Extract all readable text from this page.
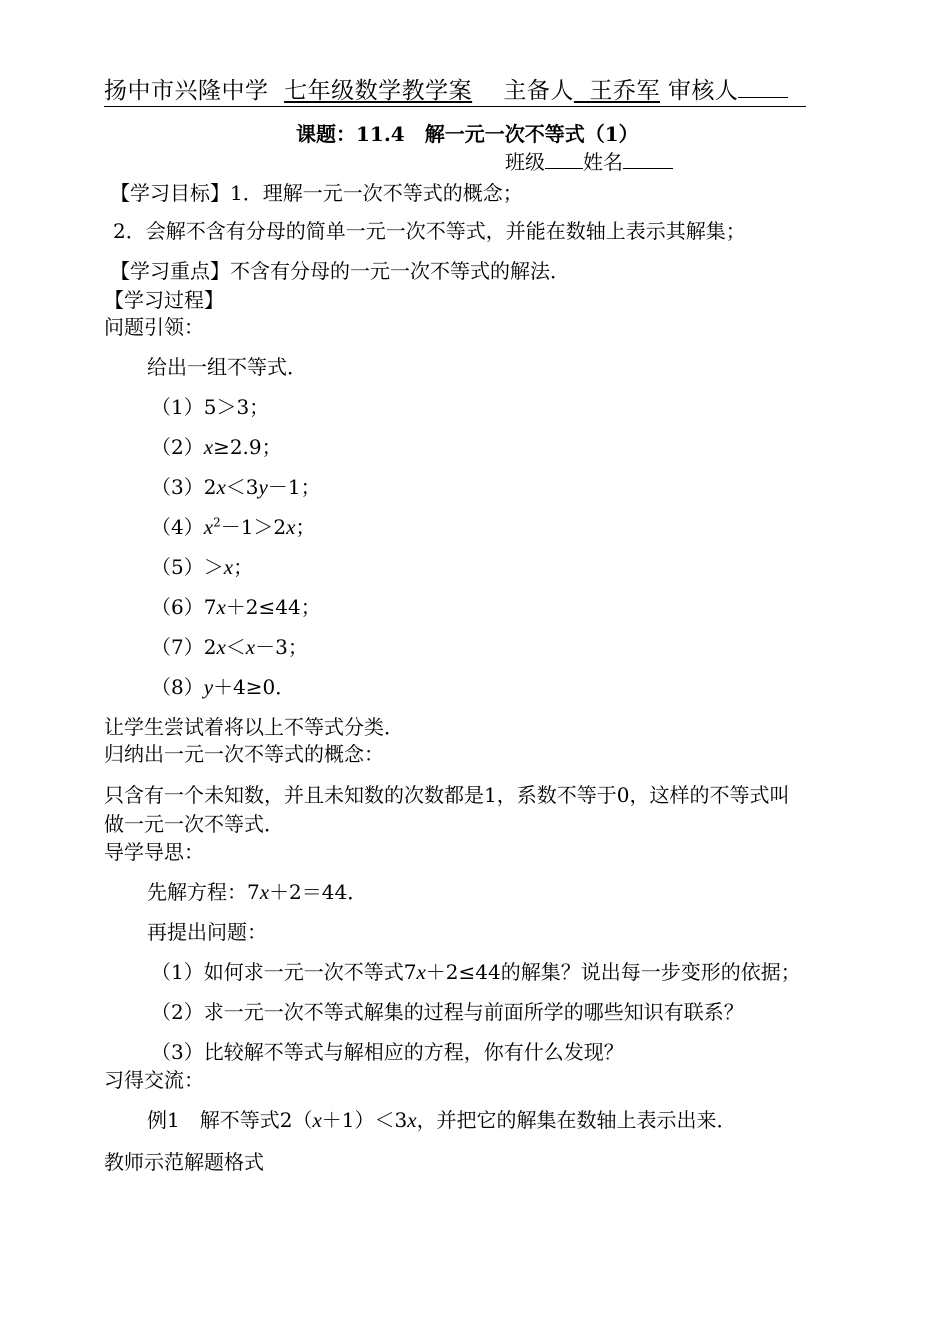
扬中市兴隆中学 七年级数学教学案 主备人 王乔军 审核人
课题：11.4　解一元一次不等式（1）
班级 姓名
【学习目标】1．理解一元一次不等式的概念；
2．会解不含有分母的简单一元一次不等式，并能在数轴上表示其解集；
【学习重点】不含有分母的一元一次不等式的解法．
【学习过程】
问题引领：
给出一组不等式．
（1）5＞3；
（2）x≥2.9；
（3）2x＜3y－1；
$(4)x^2-1>2x$；
（5）＞x；
（6）7x＋2≤44；
（7）2x＜x－3；
（8）y＋4≥0．
让学生尝试着将以上不等式分类．
归纳出一元一次不等式的概念：
只含有一个未知数，并且未知数的次数都是1，系数不等于0，这样的不等式叫
做一元一次不等式．
导学导思：
先解方程：7x＋2＝44．
再提出问题：
（1）如何求一元一次不等式7x＋2≤44的解集？说出每一步变形的依据；
（2）求一元一次不等式解集的过程与前面所学的哪些知识有联系？
（3）比较解不等式与解相应的方程，你有什么发现？
习得交流：
例1　解不等式2（x＋1）＜3x，并把它的解集在数轴上表示出来．
教师示范解题格式
